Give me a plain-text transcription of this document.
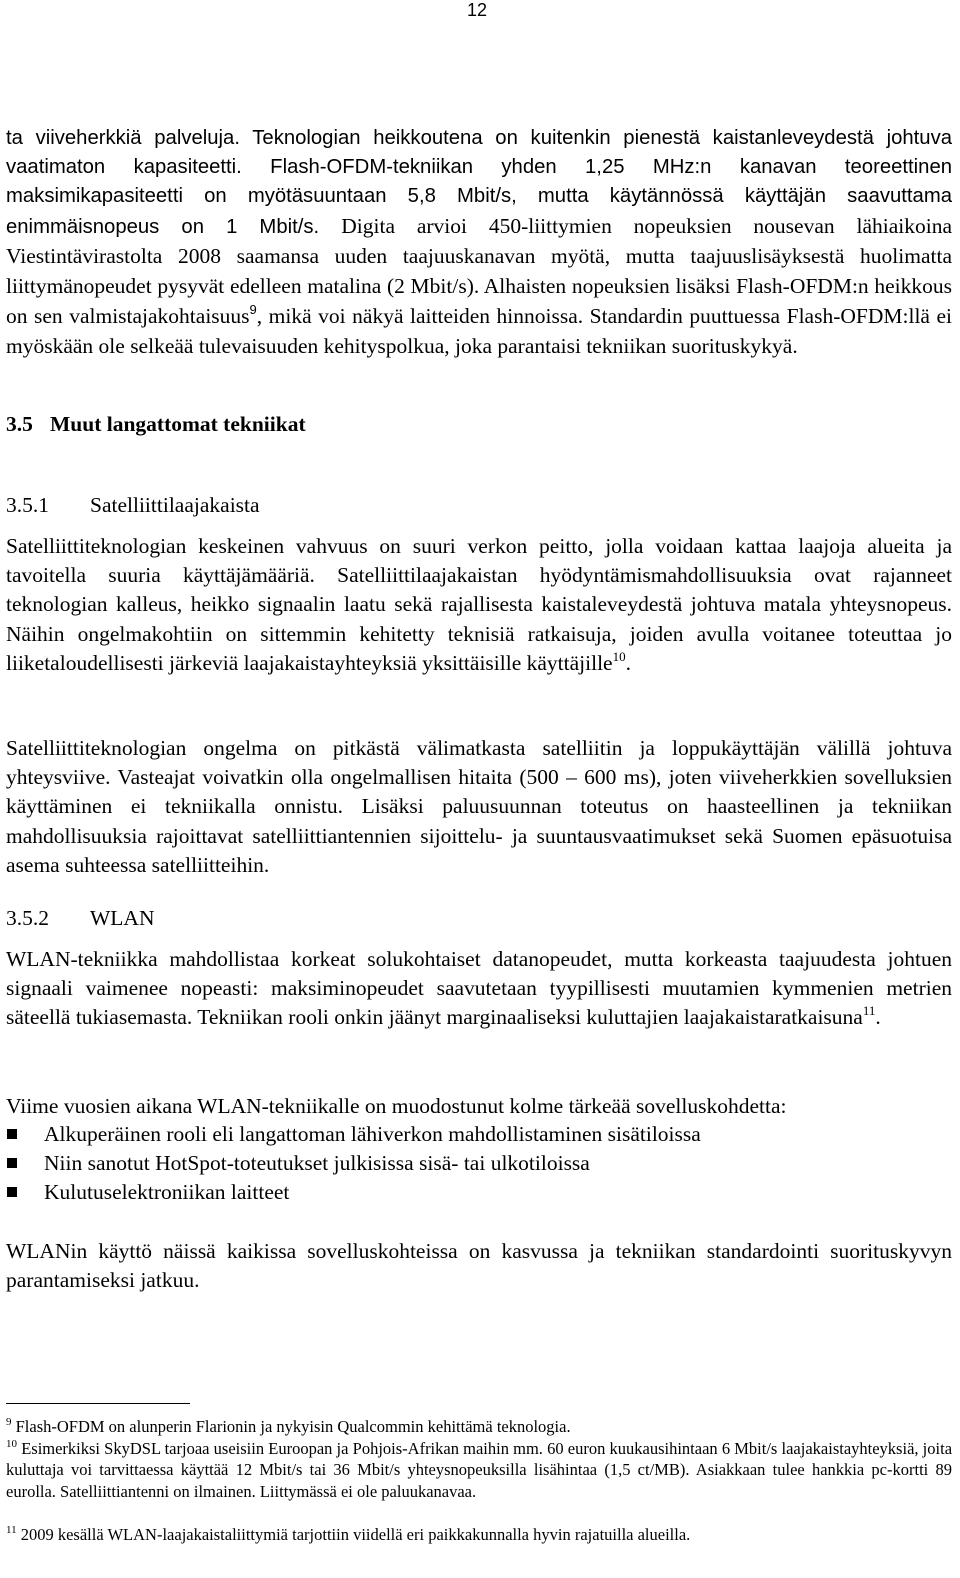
12

ta viiveherkkiä palveluja. Teknologian heikkoutena on kuitenkin pienestä kaistanleveydestä johtuva vaatimaton kapasiteetti. Flash-OFDM-tekniikan yhden 1,25 MHz:n kanavan teoreettinen maksimikapasiteetti on myötäsuuntaan 5,8 Mbit/s, mutta käytännössä käyttäjän saavuttama enimmäisnopeus on 1 Mbit/s. Digita arvioi 450-liittymien nopeuksien nousevan lähiaikoina Viestintävirastolta 2008 saamansa uuden taajuuskanavan myötä, mutta taajuuslisäyksestä huolimatta liittymänopeudet pysyvät edelleen matalina (2 Mbit/s). Alhaisten nopeuksien lisäksi Flash-OFDM:n heikkous on sen valmistajakohtaisuus$^9$, mikä voi näkyä laitteiden hinnoissa. Standardin puuttuessa Flash-OFDM:llä ei myöskään ole selkeää tulevaisuuden kehityspolkua, joka parantaisi tekniikan suorituskykyä.

3.5 Muut langattomat tekniikat
3.5.1 Satelliittilaajakaista

Satelliittiteknologian keskeinen vahvuus on suuri verkon peitto, jolla voidaan kattaa laajoja alueita ja tavoitella suuria käyttäjämääriä. Satelliittilaajakaistan hyödyntämismahdollisuuksia ovat rajanneet teknologian kalleus, heikko signaalin laatu sekä rajallisesta kaistaleveydestä johtuva matala yhteysnopeus. Näihin ongelmakohtiin on sittemmin kehitetty teknisiä ratkaisuja, joiden avulla voitanee toteuttaa jo liiketaloudellisesti järkeviä laajakaistayhteyksiä yksittäisille käyttäjille$^{10}$.

Satelliittiteknologian ongelma on pitkästä välimatkasta satelliitin ja loppukäyttäjän välillä johtuva yhteysviive. Vasteajat voivatkin olla ongelmallisen hitaita (500 – 600 ms), joten viiveherkkien sovelluksien käyttäminen ei tekniikalla onnistu. Lisäksi paluusuunnan toteutus on haasteellinen ja tekniikan mahdollisuuksia rajoittavat satelliittiantennien sijoittelu- ja suuntausvaatimukset sekä Suomen epäsuotuisa asema suhteessa satelliitteihin.

3.5.2 WLAN

WLAN-tekniikka mahdollistaa korkeat solukohtaiset datanopeudet, mutta korkeasta taajuudesta johtuen signaali vaimenee nopeasti: maksiminopeudet saavutetaan tyypillisesti muutamien kymmenien metrien säteellä tukiasemasta. Tekniikan rooli onkin jäänyt marginaaliseksi kuluttajien laajakaistaratkaisuna$^{11}$.

Viime vuosien aikana WLAN-tekniikalle on muodostunut kolme tärkeää sovelluskohdetta:

Alkuperäinen rooli eli langattoman lähiverkon mahdollistaminen sisätiloissa
Niin sanotut HotSpot-toteutukset julkisissa sisä- tai ulkotiloissa
Kulutuselektroniikan laitteet

WLANin käyttö näissä kaikissa sovelluskohteissa on kasvussa ja tekniikan standardointi suorituskyvyn parantamiseksi jatkuu.

$^9$ Flash-OFDM on alunperin Flarionin ja nykyisin Qualcommin kehittämä teknologia.

$^{10}$ Esimerkiksi SkyDSL tarjoaa useisiin Euroopan ja Pohjois-Afrikan maihin mm. 60 euron kuukausihintaan 6 Mbit/s laajakaistayhteyksiä, joita kuluttaja voi tarvittaessa käyttää 12 Mbit/s tai 36 Mbit/s yhteysnopeuksilla lisähintaa (1,5 ct/MB). Asiakkaan tulee hankkia pc-kortti 89 eurolla. Satelliittiantenni on ilmainen. Liittymässä ei ole paluukanavaa.

$^{11}$ 2009 kesällä WLAN-laajakaistaliittymiä tarjottiin viidellä eri paikkakunnalla hyvin rajatuilla alueilla.
